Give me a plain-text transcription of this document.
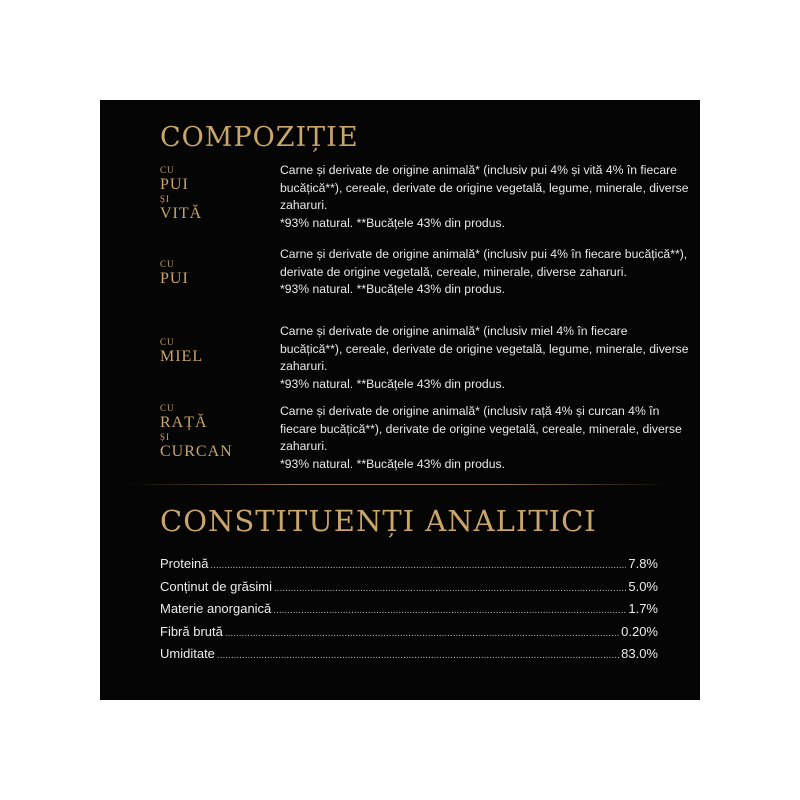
COMPOZIȚIE
CU
PUI
ȘI
VITĂ

Carne și derivate de origine animală* (inclusiv pui 4% și vită 4% în fiecare bucățică**), cereale, derivate de origine vegetală, legume, minerale, diverse zaharuri.

*93% natural. **Bucățele 43% din produs.

CU
PUI

Carne și derivate de origine animală* (inclusiv pui 4% în fiecare bucățică**), derivate de origine vegetală, cereale, minerale, diverse zaharuri.

*93% natural. **Bucățele 43% din produs.

CU
MIEL

Carne și derivate de origine animală* (inclusiv miel 4% în fiecare bucățică**), cereale, derivate de origine vegetală, legume, minerale, diverse zaharuri.

*93% natural. **Bucățele 43% din produs.

CU
RAȚĂ
ȘI
CURCAN

Carne și derivate de origine animală* (inclusiv rață 4% și curcan 4% în fiecare bucățică**), derivate de origine vegetală, cereale, minerale, diverse zaharuri.

*93% natural. **Bucățele 43% din produs.

CONSTITUENȚI ANALITICI
Proteină .....	7.8%
Conținut de grăsimi .....	5.0%
Materie anorganică .....	1.7%
Fibră brută .....	0.20%
Umiditate .....	83.0%
